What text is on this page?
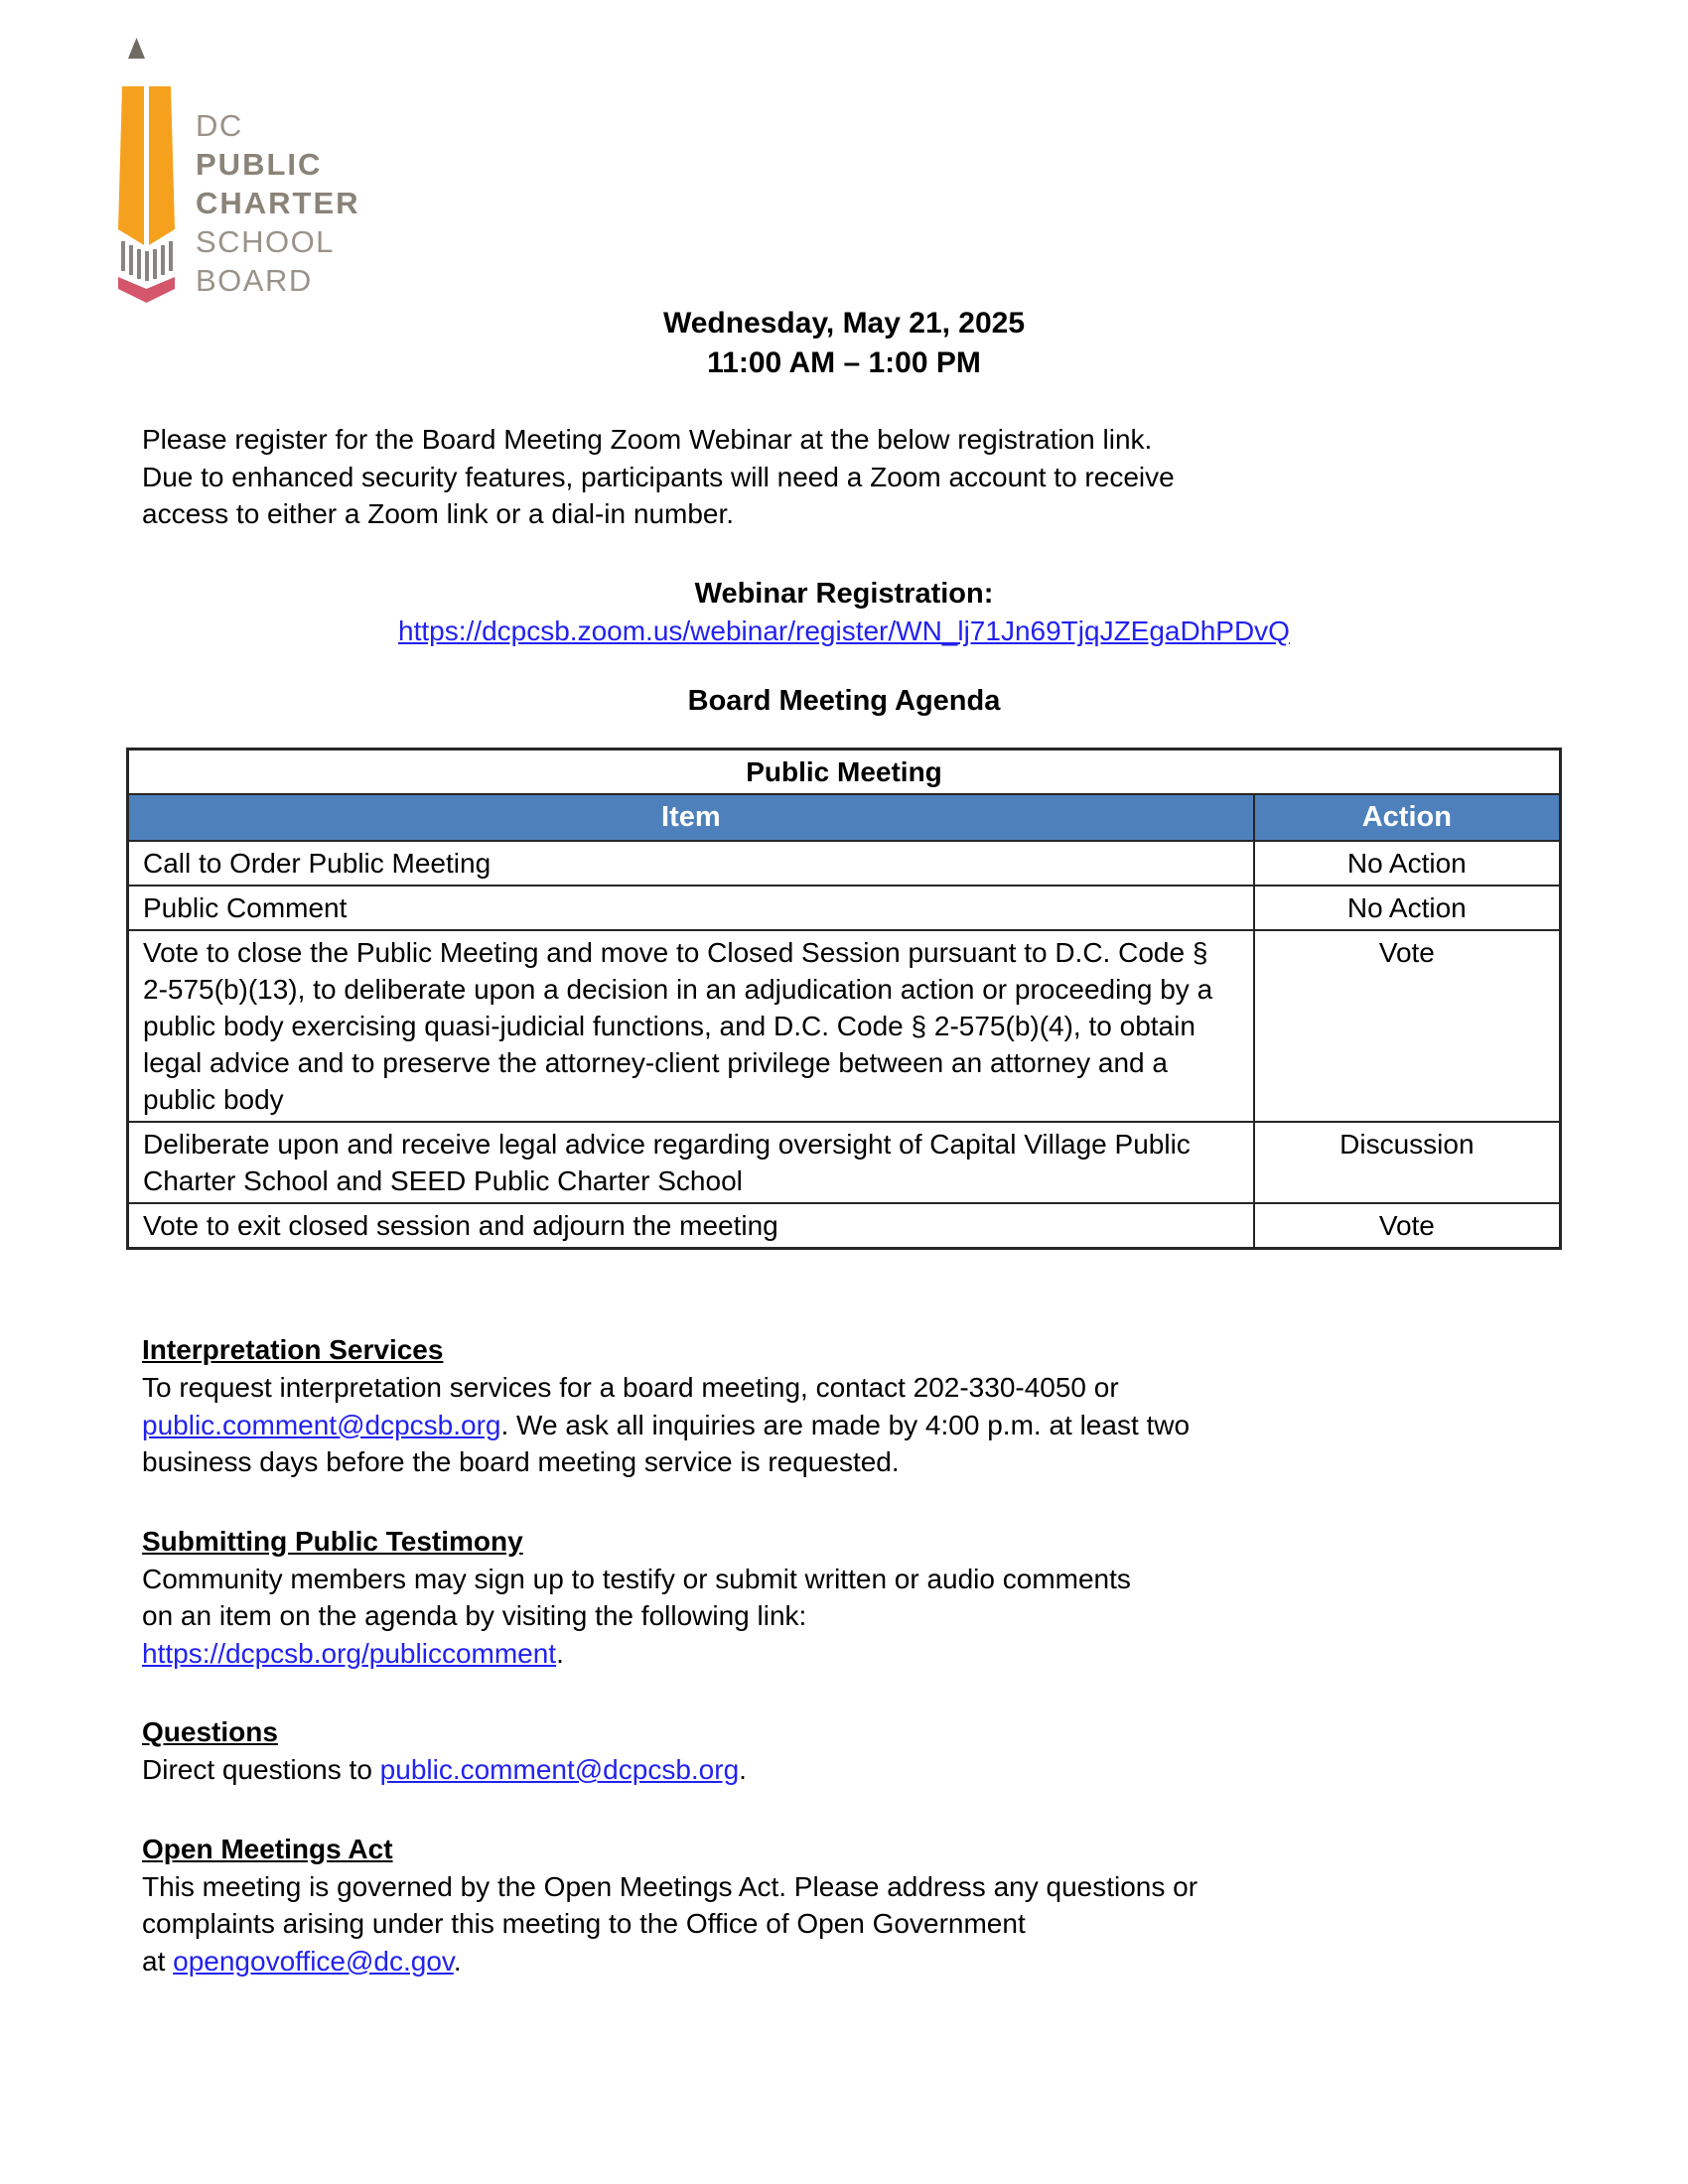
DC
PUBLIC
CHARTER
SCHOOL
BOARD
Wednesday, May 21, 2025
11:00 AM – 1:00 PM

Please register for the Board Meeting Zoom Webinar at the below registration link.
Due to enhanced security features, participants will need a Zoom account to receive
access to either a Zoom link or a dial-in number.

Webinar Registration:
https://dcpcsb.zoom.us/webinar/register/WN_lj71Jn69TjqJZEgaDhPDvQ
Board Meeting Agenda
Public Meeting	
Item	Action
Call to Order Public Meeting	No Action
Public Comment	No Action
Vote to close the Public Meeting and move to Closed Session pursuant to D.C. Code § 2-575(b)(13), to deliberate upon a decision in an adjudication action or proceeding by a public body exercising quasi-judicial functions, and D.C. Code § 2-575(b)(4), to obtain legal advice and to preserve the attorney-client privilege between an attorney and a public body	Vote
Deliberate upon and receive legal advice regarding oversight of Capital Village Public Charter School and SEED Public Charter School	Discussion
Vote to exit closed session and adjourn the meeting	Vote
Interpretation Services

To request interpretation services for a board meeting, contact 202-330-4050 or
public.comment@dcpcsb.org. We ask all inquiries are made by 4:00 p.m. at least two
business days before the board meeting service is requested.

Submitting Public Testimony

Community members may sign up to testify or submit written or audio comments
on an item on the agenda by visiting the following link:
https://dcpcsb.org/publiccomment.

Questions

Direct questions to public.comment@dcpcsb.org.

Open Meetings Act

This meeting is governed by the Open Meetings Act. Please address any questions or
complaints arising under this meeting to the Office of Open Government
at opengovoffice@dc.gov.
